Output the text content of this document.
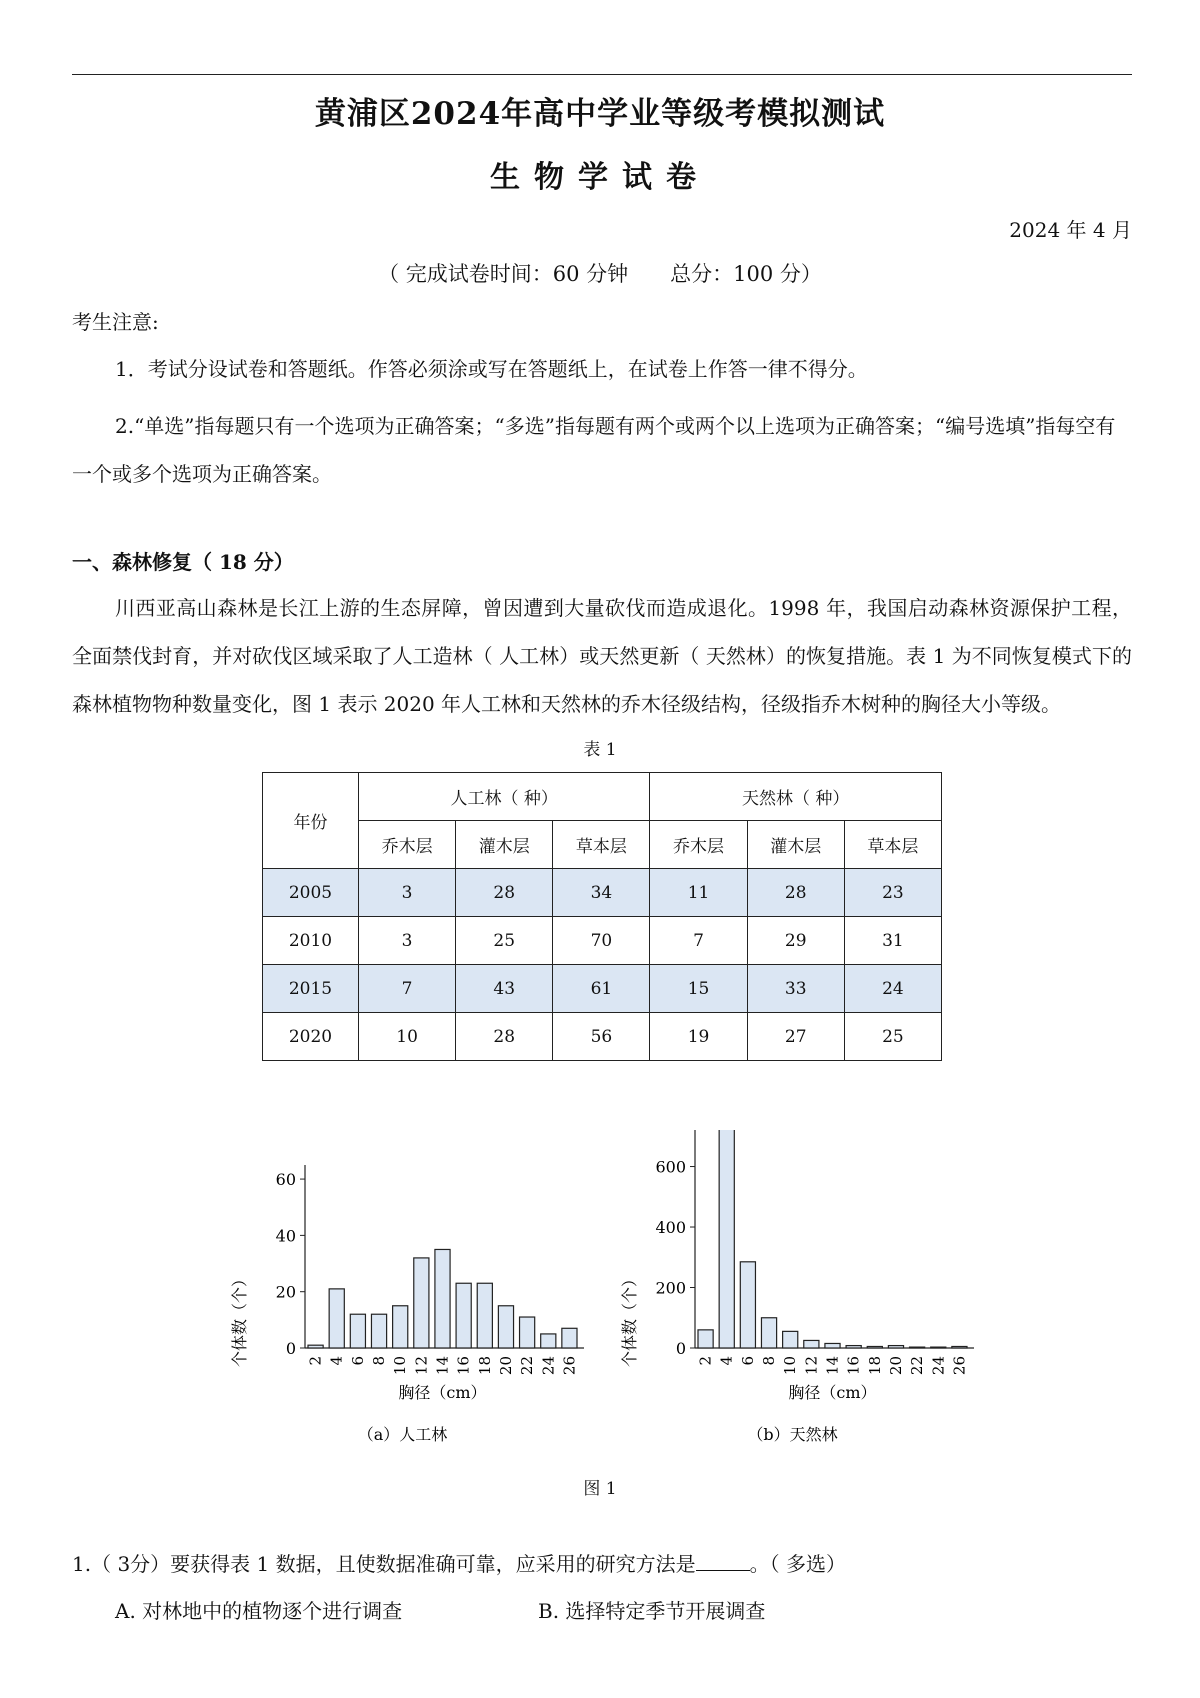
黄浦区2024年高中学业等级考模拟测试
生物学试卷
2024 年 4 月
（ 完成试卷时间：60 分钟　　总分：100 分）
考生注意:
1．考试分设试卷和答题纸。作答必须涂或写在答题纸上，在试卷上作答一律不得分。
2.“单选”指每题只有一个选项为正确答案；“多选”指每题有两个或两个以上选项为正确答案；“编号选填”指每空有一个或多个选项为正确答案。
一、森林修复（ 18 分）
川西亚高山森林是长江上游的生态屏障，曾因遭到大量砍伐而造成退化。1998 年，我国启动森林资源保护工程，全面禁伐封育，并对砍伐区域采取了人工造林（ 人工林）或天然更新（ 天然林）的恢复措施。表 1 为不同恢复模式下的森林植物物种数量变化，图 1 表示 2020 年人工林和天然林的乔木径级结构，径级指乔木树种的胸径大小等级。
表 1
年份	人工林（ 种）			天然林（ 种）		
	乔木层	灌木层	草本层	乔木层	灌木层	草本层
2005	3	28	34	11	28	23
2010	3	25	70	7	29	31
2015	7	43	61	15	33	24
2020	10	28	56	19	27	25
0
20
40
60
2 4 6 8 10 12 14 16 18 20 22 24 26
胸径（cm）
个体数（个）
（a）人工林
0
200
400
600
2 4 6 8 10 12 14 16 18 20 22 24 26
胸径（cm）
个体数（个）
（b）天然林
图 1
1.（ 3分）要获得表 1 数据，且使数据准确可靠，应采用的研究方法是	。（ 多选）
A. 对林地中的植物逐个进行调查	B. 选择特定季节开展调查
